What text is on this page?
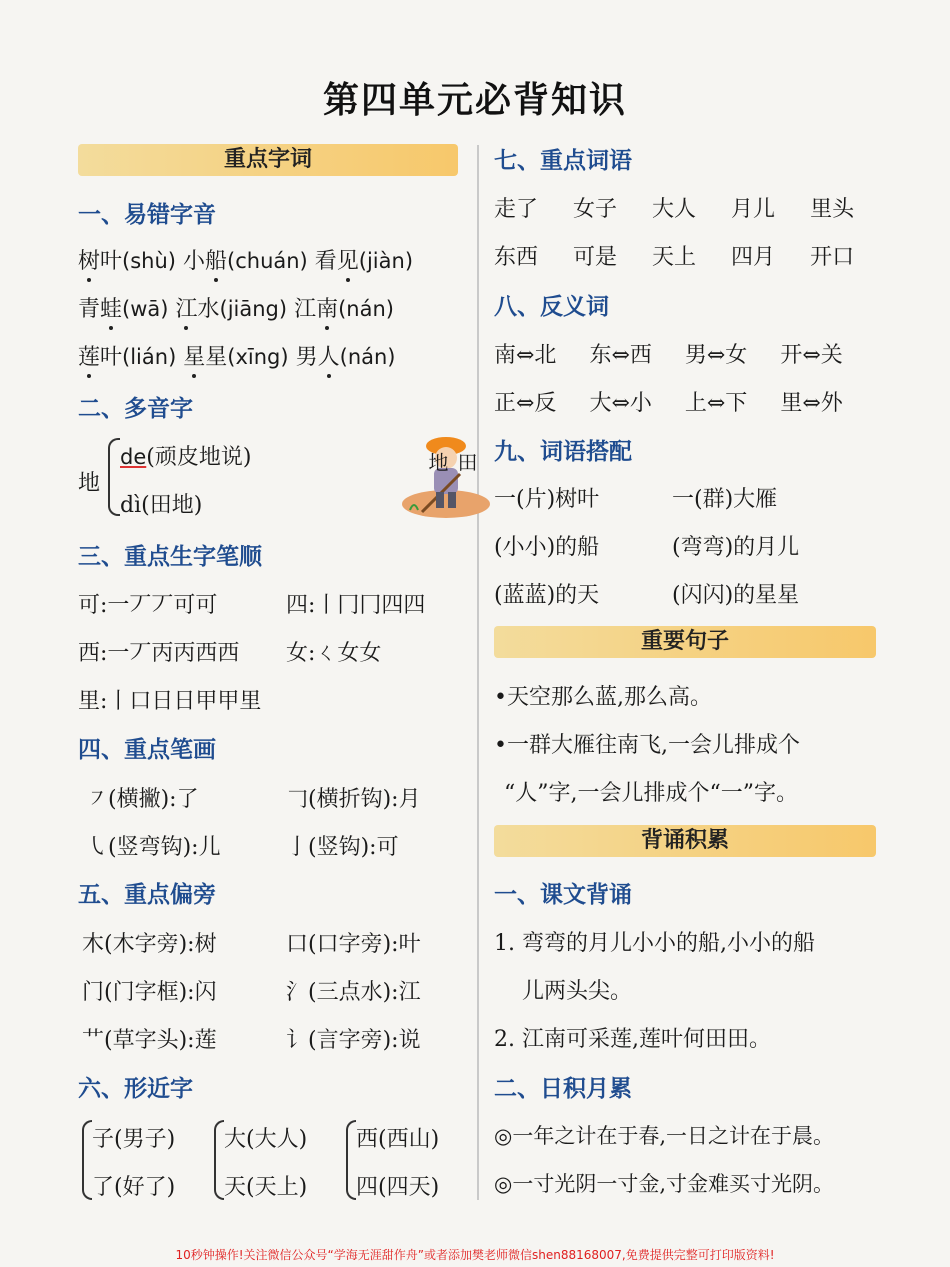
第四单元必背知识
重点字词
一、易错字音
树叶(shù) 小船(chuán) 看见(jiàn)
青蛙(wā) 江水(jiāng) 江南(nán)
莲叶(lián) 星星(xīng) 男人(nán)
二、多音字
地
de(顽皮地说)
dì(田地)
田地
三、重点生字笔顺
可:一丆丆可可	四:丨冂冂四四
西:一丆丙丙西西 女:ㄑ女女
里:丨口日日甲甲里
四、重点笔画
㇇(横撇):了	𠃌(横折钩):月
㇂(竖弯钩):儿	亅(竖钩):可
五、重点偏旁
木(木字旁):树	口(口字旁):叶
门(门字框):闪	氵(三点水):江
艹(草字头):莲	讠(言字旁):说
六、形近字
子(男子)
了(好了)
大(大人)
天(天上)
西(西山)
四(四天)
七、重点词语
走了 女子 大人 月儿 里头
东西 可是 天上 四月 开口
八、反义词
南⇔北 东⇔西 男⇔女 开⇔关
正⇔反 大⇔小 上⇔下 里⇔外
九、词语搭配
一(片)树叶	一(群)大雁
(小小)的船	(弯弯)的月儿
(蓝蓝)的天	(闪闪)的星星
重要句子
•天空那么蓝,那么高。
•一群大雁往南飞,一会儿排成个
“人”字,一会儿排成个“一”字。
背诵积累
一、课文背诵
1. 弯弯的月儿小小的船,小小的船
儿两头尖。
2. 江南可采莲,莲叶何田田。
二、日积月累
◎一年之计在于春,一日之计在于晨。
◎一寸光阴一寸金,寸金难买寸光阴。
10秒钟操作!关注微信公众号“学海无涯甜作舟”或者添加樊老师微信shen88168007,免费提供完整可打印版资料!
